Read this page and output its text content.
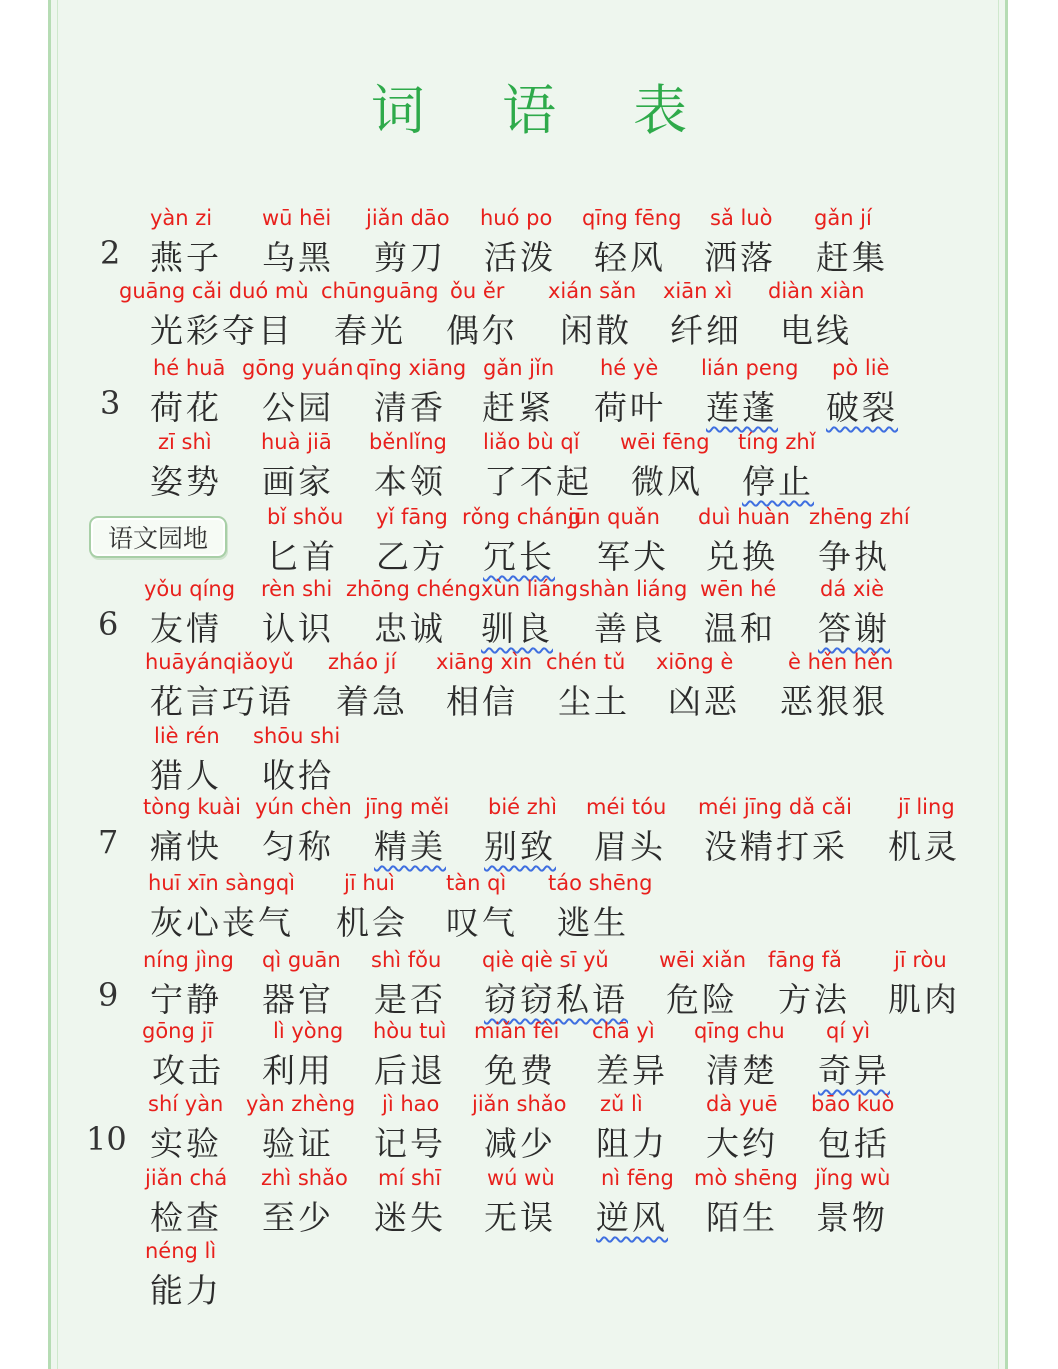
词 语 表
语文园地
2
yàn zi
燕子
wū hēi
乌黑
jiǎn dāo
剪刀
huó po
活泼
qīng fēng
轻风
sǎ luò
洒落
gǎn jí
赶集
guāng cǎi duó mù
光彩夺目
chūnguāng
春光
ǒu ěr
偶尔
xián sǎn
闲散
xiān xì
纤细
diàn xiàn
电线
3
hé huā
荷花
gōng yuán
公园
qīng xiāng
清香
gǎn jǐn
赶紧
hé yè
荷叶
lián peng
莲蓬
pò liè
破裂
zī shì
姿势
huà jiā
画家
běnlǐng
本领
liǎo bù qǐ
了不起
wēi fēng
微风
tíng zhǐ
停止
bǐ shǒu
匕首
yǐ fāng
乙方
rǒng cháng
冗长
jūn quǎn
军犬
duì huàn
兑换
zhēng zhí
争执
6
yǒu qíng
友情
rèn shi
认识
zhōng chéng
忠诚
xùn liáng
驯良
shàn liáng
善良
wēn hé
温和
dá xiè
答谢
huāyánqiǎoyǔ
花言巧语
zháo jí
着急
xiāng xìn
相信
chén tǔ
尘土
xiōng è
凶恶
è hěn hěn
恶狠狠
liè rén
猎人
shōu shi
收拾
7
tòng kuài
痛快
yún chèn
匀称
jīng měi
精美
bié zhì
别致
méi tóu
眉头
méi jīng dǎ cǎi
没精打采
jī ling
机灵
huī xīn sàngqì
灰心丧气
jī huì
机会
tàn qì
叹气
táo shēng
逃生
9
níng jìng
宁静
qì guān
器官
shì fǒu
是否
qiè qiè sī yǔ
窃窃私语
wēi xiǎn
危险
fāng fǎ
方法
jī ròu
肌肉
gōng jī
攻击
lì yòng
利用
hòu tuì
后退
miǎn fèi
免费
chā yì
差异
qīng chu
清楚
qí yì
奇异
10
shí yàn
实验
yàn zhèng
验证
jì hao
记号
jiǎn shǎo
减少
zǔ lì
阻力
dà yuē
大约
bāo kuò
包括
jiǎn chá
检查
zhì shǎo
至少
mí shī
迷失
wú wù
无误
nì fēng
逆风
mò shēng
陌生
jǐng wù
景物
néng lì
能力
